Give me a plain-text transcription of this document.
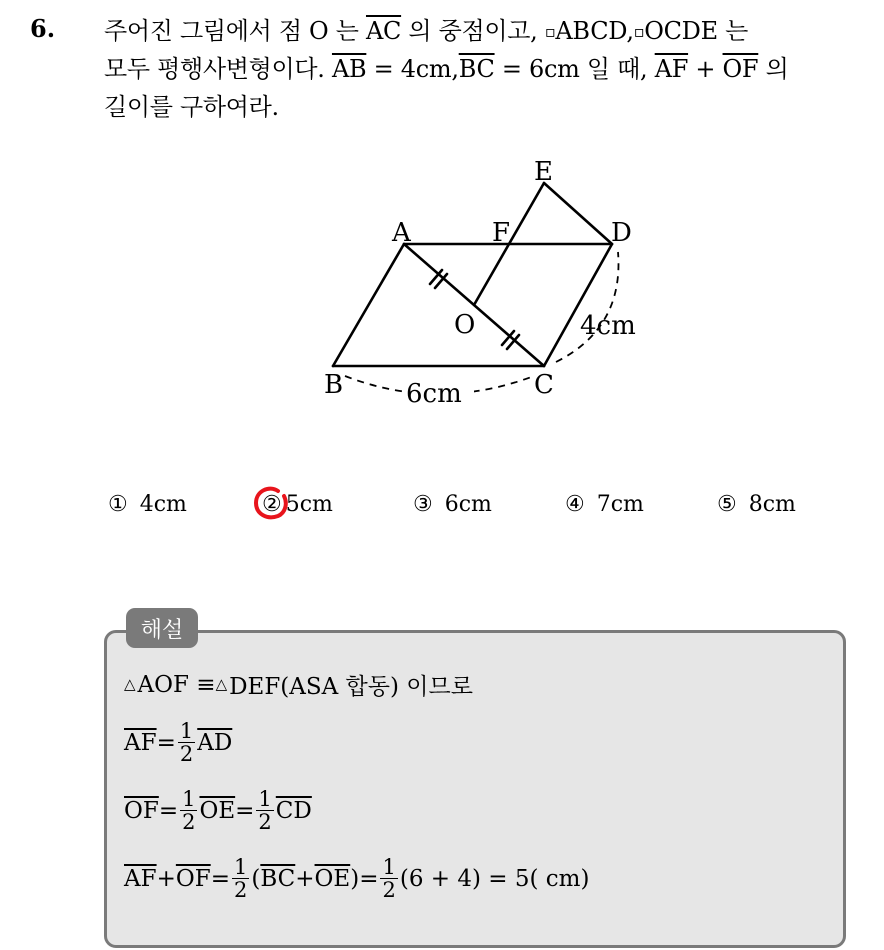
6. 주어진 그림에서 점 O 는 $\overline{AC}$ 의 중점이고, ▫ABCD,▫OCDE 는
모두 평행사변형이다. $\overline{AB} = 4cm,\overline{BC} = 6cm$ 일 때, $\overline{AF} + \overline{OF}$ 의
길이를 구하여라.
E
A	F	D
O
B	C
4cm
6cm
① 4cm	② 5cm	③ 6cm	④ 7cm	⑤ 8cm
해설
△ AOF ≡ △ DEF(ASA 합동) 이므로
$\overline{AF} = \frac{1}{2} \overline{AD}$
$\overline{OF} = \frac{1}{2} \overline{OE} = \frac{1}{2} \overline{CD}$
$\overline{AF} + \overline{OF} = \frac{1}{2}$ ( $\overline{BC} + \overline{OE}$ ) = $\frac{1}{2} (6 + 4) = 5$( cm)
